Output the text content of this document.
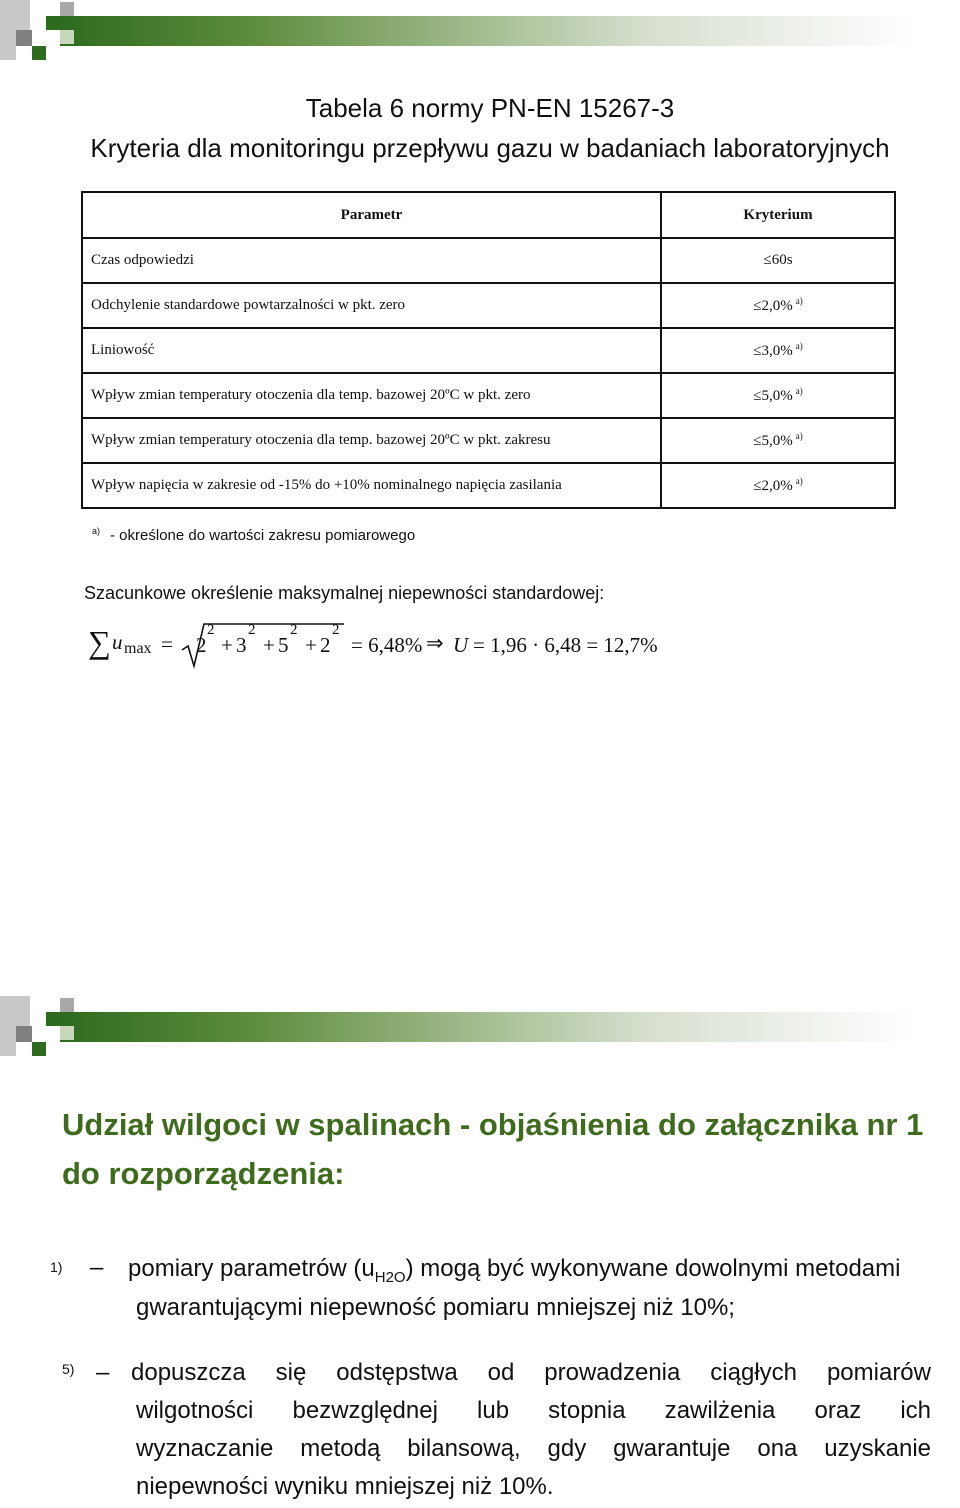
Tabela 6 normy PN-EN 15267-3
Kryteria dla monitoringu przepływu gazu w badaniach laboratoryjnych
Parametr	Kryterium
Czas odpowiedzi	≤60s
Odchylenie standardowe powtarzalności w pkt. zero	≤2,0% $^{a)}$
Liniowość	≤3,0% $^{a)}$
Wpływ zmian temperatury otoczenia dla temp. bazowej 20ºC w pkt. zero	≤5,0% $^{a)}$
Wpływ zmian temperatury otoczenia dla temp. bazowej 20ºC w pkt. zakresu	≤5,0% $^{a)}$
Wpływ napięcia w zakresie od -15% do +10% nominalnego napięcia zasilania	≤2,0% $^{a)}$
$^{a)}$ - określone do wartości zakresu pomiarowego
Szacunkowe określenie maksymalnej niepewności standardowej:
∑ u max = 2
2
+ 3
2
+ 5
2
+ 2
2
= 6,48% ⇒ U = 1,96 · 6,48 = 12,7%
Udział wilgoci w spalinach - objaśnienia do załącznika nr 1
do rozporządzenia:
1) – pomiary parametrów $(u_{H2O})$ mogą być wykonywane dowolnymi metodami
gwarantującymi niepewność pomiaru mniejszej niż 10%;
5) – dopuszcza się odstępstwa od prowadzenia ciągłych pomiarów
wilgotności bezwzględnej lub stopnia zawilżenia oraz ich
wyznaczanie metodą bilansową, gdy gwarantuje ona uzyskanie
niepewności wyniku mniejszej niż 10%.
